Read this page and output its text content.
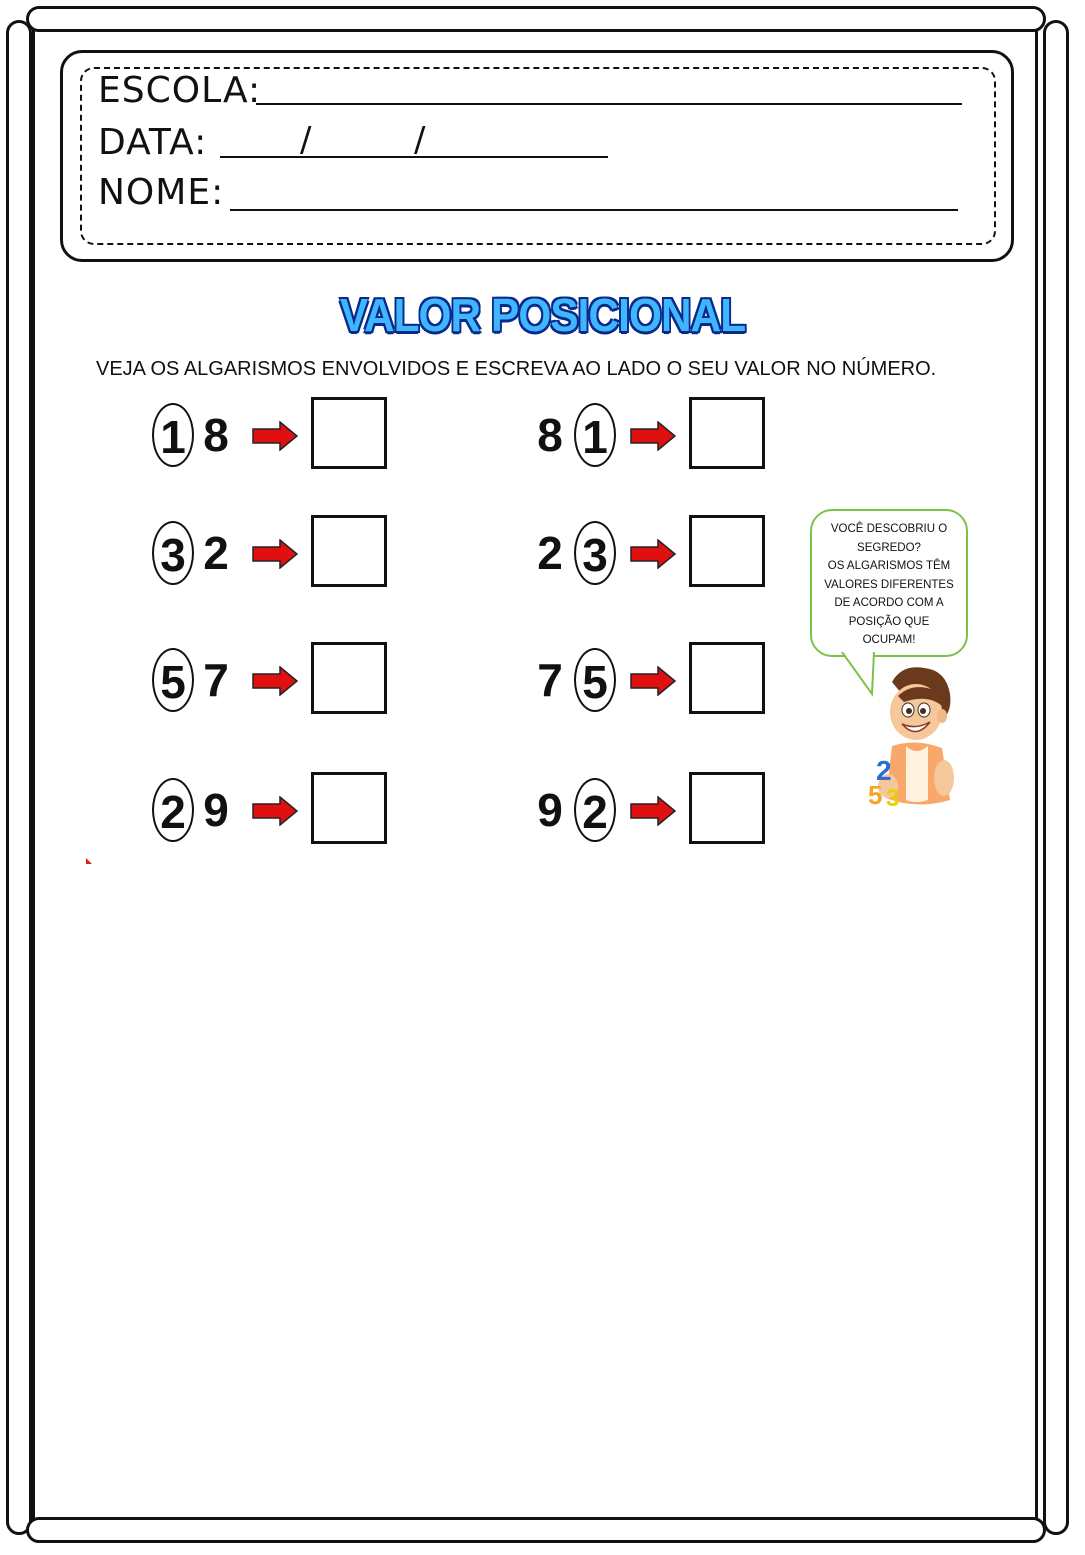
ESCOLA:
DATA:	/	/
NOME:
VALOR POSICIONAL
VEJA OS ALGARISMOS ENVOLVIDOS E ESCREVA AO LADO O SEU VALOR NO NÚMERO.
1 8	8 1
3 2	2 3
5 7	7 5
2 9	9 2
VOCÊ DESCOBRIU O
SEGREDO?
OS ALGARISMOS TÊM
VALORES DIFERENTES
DE ACORDO COM A
POSIÇÃO QUE
OCUPAM!
2
5 3
